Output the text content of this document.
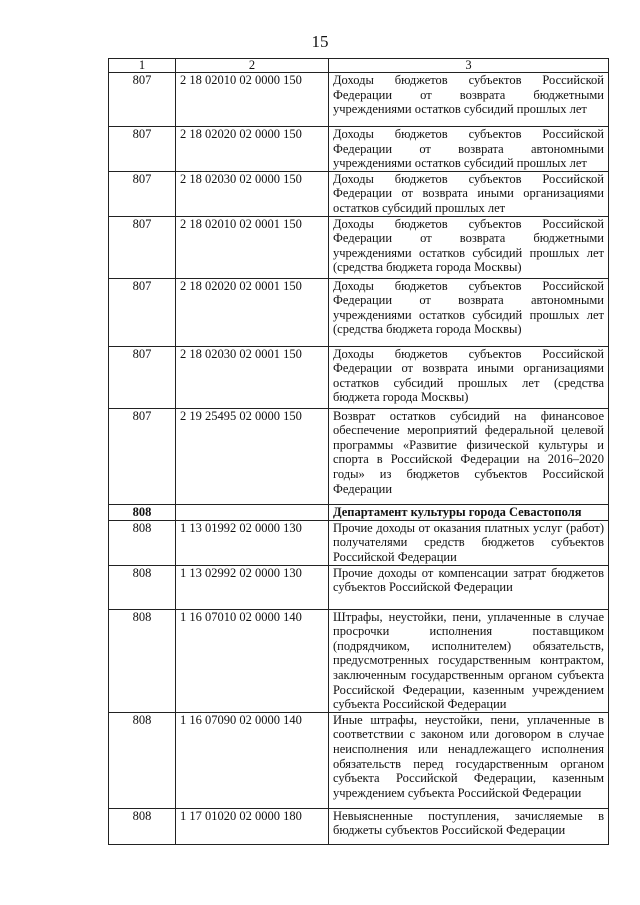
15
1	2	3
807	2 18 02010 02 0000 150	Доходы бюджетов субъектов Российской Федерации от возврата бюджетными учреждениями остатков субсидий прошлых лет
807	2 18 02020 02 0000 150	Доходы бюджетов субъектов Российской Федерации от возврата автономными учреждениями остатков субсидий прошлых лет
807	2 18 02030 02 0000 150	Доходы бюджетов субъектов Российской Федерации от возврата иными организациями остатков субсидий прошлых лет
807	2 18 02010 02 0001 150	Доходы бюджетов субъектов Российской Федерации от возврата бюджетными учреждениями остатков субсидий прошлых лет (средства бюджета города Москвы)
807	2 18 02020 02 0001 150	Доходы бюджетов субъектов Российской Федерации от возврата автономными учреждениями остатков субсидий прошлых лет (средства бюджета города Москвы)
807	2 18 02030 02 0001 150	Доходы бюджетов субъектов Российской Федерации от возврата иными организациями остатков субсидий прошлых лет (средства бюджета города Москвы)
807	2 19 25495 02 0000 150	Возврат остатков субсидий на финансовое обеспечение мероприятий федеральной целевой программы «Развитие физической культуры и спорта в Российской Федерации на 2016–2020 годы» из бюджетов субъектов Российской Федерации
808		Департамент культуры города Севастополя
808	1 13 01992 02 0000 130	Прочие доходы от оказания платных услуг (работ) получателями средств бюджетов субъектов Российской Федерации
808	1 13 02992 02 0000 130	Прочие доходы от компенсации затрат бюджетов субъектов Российской Федерации
808	1 16 07010 02 0000 140	Штрафы, неустойки, пени, уплаченные в случае просрочки исполнения поставщиком (подрядчиком, исполнителем) обязательств, предусмотренных государственным контрактом, заключенным государственным органом субъекта Российской Федерации, казенным учреждением субъекта Российской Федерации
808	1 16 07090 02 0000 140	Иные штрафы, неустойки, пени, уплаченные в соответствии с законом или договором в случае неисполнения или ненадлежащего исполнения обязательств перед государственным органом субъекта Российской Федерации, казенным учреждением субъекта Российской Федерации
808	1 17 01020 02 0000 180	Невыясненные поступления, зачисляемые в бюджеты субъектов Российской Федерации
